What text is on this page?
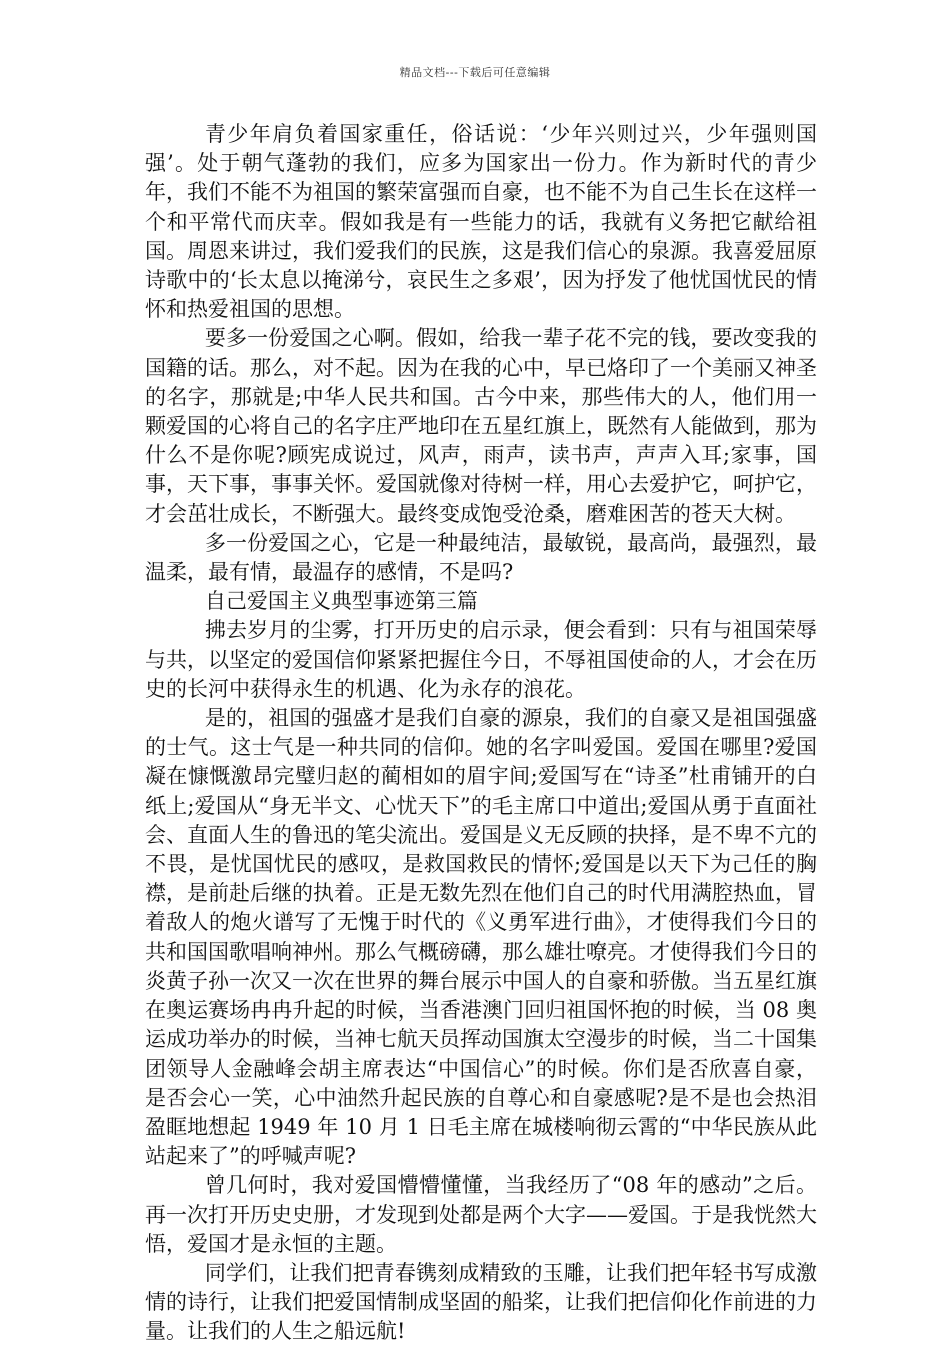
精品文档---下载后可任意编辑

青少年肩负着国家重任，俗话说：‘少年兴则过兴，少年强则国强’。处于朝气蓬勃的我们，应多为国家出一份力。作为新时代的青少年，我们不能不为祖国的繁荣富强而自豪，也不能不为自己生长在这样一个和平常代而庆幸。假如我是有一些能力的话，我就有义务把它献给祖国。周恩来讲过，我们爱我们的民族，这是我们信心的泉源。我喜爱屈原诗歌中的‘长太息以掩涕兮，哀民生之多艰’，因为抒发了他忧国忧民的情怀和热爱祖国的思想。

要多一份爱国之心啊。假如，给我一辈子花不完的钱，要改变我的国籍的话。那么，对不起。因为在我的心中，早已烙印了一个美丽又神圣的名字，那就是;中华人民共和国。古今中来，那些伟大的人，他们用一颗爱国的心将自己的名字庄严地印在五星红旗上，既然有人能做到，那为什么不是你呢?顾宪成说过，风声，雨声，读书声，声声入耳;家事，国事，天下事，事事关怀。爱国就像对待树一样，用心去爱护它，呵护它，才会茁壮成长，不断强大。最终变成饱受沧桑，磨难困苦的苍天大树。

多一份爱国之心，它是一种最纯洁，最敏锐，最高尚，最强烈，最温柔，最有情，最温存的感情，不是吗?

自己爱国主义典型事迹第三篇

拂去岁月的尘雾，打开历史的启示录，便会看到：只有与祖国荣辱与共，以坚定的爱国信仰紧紧把握住今日，不辱祖国使命的人，才会在历史的长河中获得永生的机遇、化为永存的浪花。

是的，祖国的强盛才是我们自豪的源泉，我们的自豪又是祖国强盛的士气。这士气是一种共同的信仰。她的名字叫爱国。爱国在哪里?爱国凝在慷慨激昂完璧归赵的蔺相如的眉宇间;爱国写在“诗圣”杜甫铺开的白纸上;爱国从“身无半文、心忧天下”的毛主席口中道出;爱国从勇于直面社会、直面人生的鲁迅的笔尖流出。爱国是义无反顾的抉择，是不卑不亢的不畏，是忧国忧民的感叹，是救国救民的情怀;爱国是以天下为己任的胸襟，是前赴后继的执着。正是无数先烈在他们自己的时代用满腔热血，冒着敌人的炮火谱写了无愧于时代的《义勇军进行曲》，才使得我们今日的共和国国歌唱响神州。那么气概磅礴，那么雄壮嘹亮。才使得我们今日的炎黄子孙一次又一次在世界的舞台展示中国人的自豪和骄傲。当五星红旗在奥运赛场冉冉升起的时候，当香港澳门回归祖国怀抱的时候，当 08 奥运成功举办的时候，当神七航天员挥动国旗太空漫步的时候，当二十国集团领导人金融峰会胡主席表达“中国信心”的时候。你们是否欣喜自豪，是否会心一笑，心中油然升起民族的自尊心和自豪感呢?是不是也会热泪盈眶地想起 1949 年 10 月 1 日毛主席在城楼响彻云霄的“中华民族从此站起来了”的呼喊声呢?

曾几何时，我对爱国懵懵懂懂，当我经历了“08 年的感动”之后。再一次打开历史史册，才发现到处都是两个大字——爱国。于是我恍然大悟，爱国才是永恒的主题。

同学们，让我们把青春镌刻成精致的玉雕，让我们把年轻书写成激情的诗行，让我们把爱国情制成坚固的船桨，让我们把信仰化作前进的力量。让我们的人生之船远航!
